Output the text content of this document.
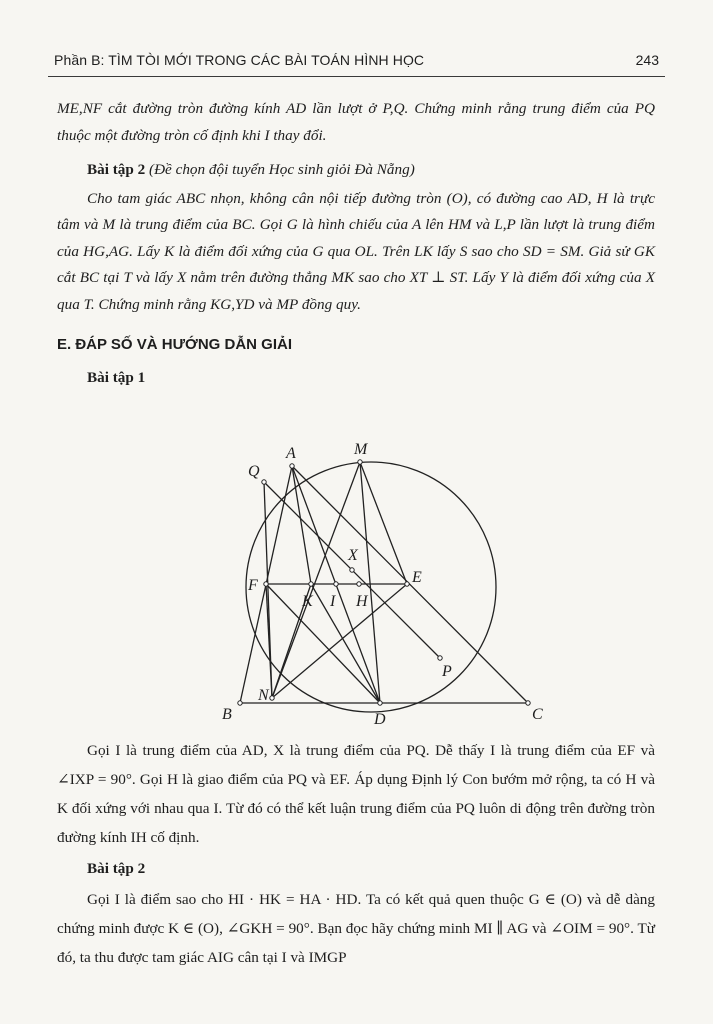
Phần B: TÌM TÒI MỚI TRONG CÁC BÀI TOÁN HÌNH HỌC	243

ME,NF cắt đường tròn đường kính AD lần lượt ở P,Q. Chứng minh rằng trung điểm của PQ thuộc một đường tròn cố định khi I thay đổi.

Bài tập 2 (Đề chọn đội tuyển Học sinh giỏi Đà Nẵng)

Cho tam giác ABC nhọn, không cân nội tiếp đường tròn (O), có đường cao AD, H là trực tâm và M là trung điểm của BC. Gọi G là hình chiếu của A lên HM và L,P lần lượt là trung điểm của HG,AG. Lấy K là điểm đối xứng của G qua OL. Trên LK lấy S sao cho SD = SM. Giả sử GK cắt BC tại T và lấy X nằm trên đường thẳng MK sao cho XT ⊥ ST. Lấy Y là điểm đối xứng của X qua T. Chứng minh rằng KG,YD và MP đồng quy.

E. ĐÁP SỐ VÀ HƯỚNG DẪN GIẢI
Bài tập 1
A	M
Q
X
F	E
K I H
P
N
B	D	C

Gọi I là trung điểm của AD, X là trung điểm của PQ. Dễ thấy I là trung điểm của EF và ∠IXP = 90°. Gọi H là giao điểm của PQ và EF. Áp dụng Định lý Con bướm mở rộng, ta có H và K đối xứng với nhau qua I. Từ đó có thể kết luận trung điểm của PQ luôn di động trên đường tròn đường kính IH cố định.

Bài tập 2

Gọi I là điểm sao cho HI · HK = HA · HD. Ta có kết quả quen thuộc G ∈ (O) và dễ dàng chứng minh được K ∈ (O), ∠GKH = 90°. Bạn đọc hãy chứng minh MI ∥ AG và ∠OIM = 90°. Từ đó, ta thu được tam giác AIG cân tại I và IMGP
